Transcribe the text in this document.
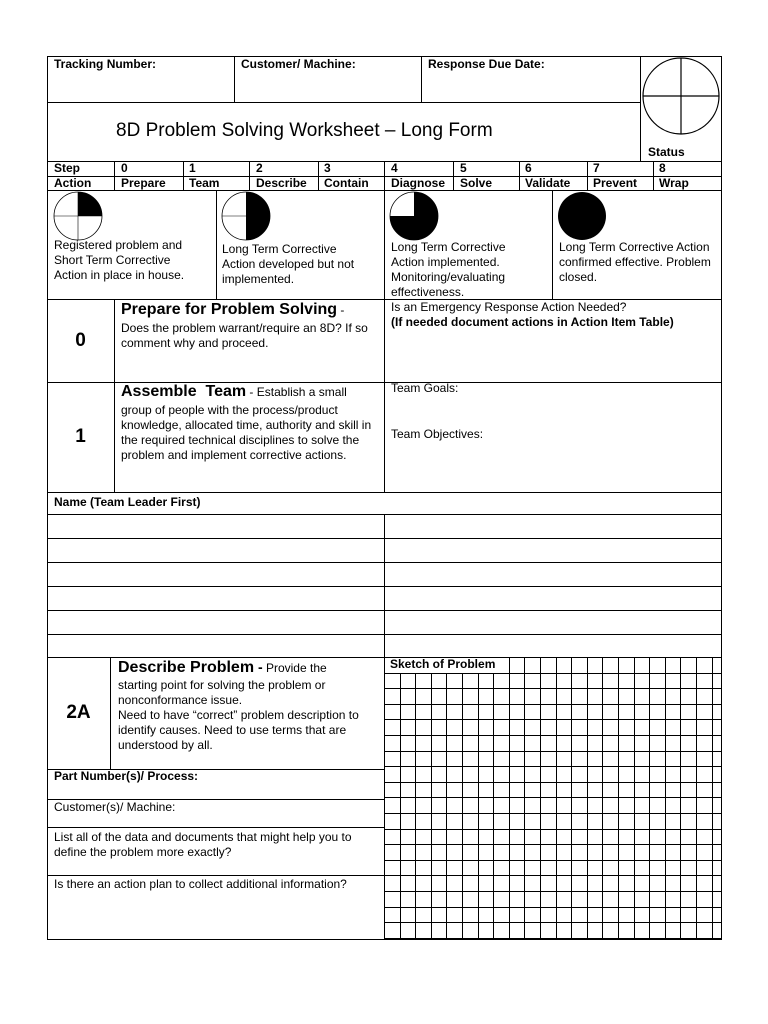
Tracking Number:	Customer/ Machine:	Response Due Date:
8D Problem Solving Worksheet – Long Form
Status
Step
Action
0
Prepare
1
Team
2
Describe
3
Contain
4
Diagnose
5
Solve
6
Validate
7
Prevent
8
Wrap
Registered problem and Short Term Corrective Action in place in house.
Long Term Corrective Action developed but not implemented.
Long Term Corrective Action implemented. Monitoring/evaluating effectiveness.
Long Term Corrective Action confirmed effective. Problem closed.
0
Prepare for Problem Solving -
Does the problem warrant/require an 8D? If so comment why and proceed.
Is an Emergency Response Action Needed?
(If needed document actions in Action Item Table)
1
Assemble  Team - Establish a small
group of people with the process/product knowledge, allocated time, authority and skill in the required technical disciplines to solve the problem and implement corrective actions.
Team Goals:
Team Objectives:
Name (Team Leader First)
2A
Describe Problem - Provide the
starting point for solving the problem or nonconformance issue.
Need to have “correct” problem description to identify causes. Need to use terms that are understood by all.
Part Number(s)/ Process:
Customer(s)/ Machine:
List all of the data and documents that might help you to define the problem more exactly?
Is there an action plan to collect additional information?
Sketch of Problem
